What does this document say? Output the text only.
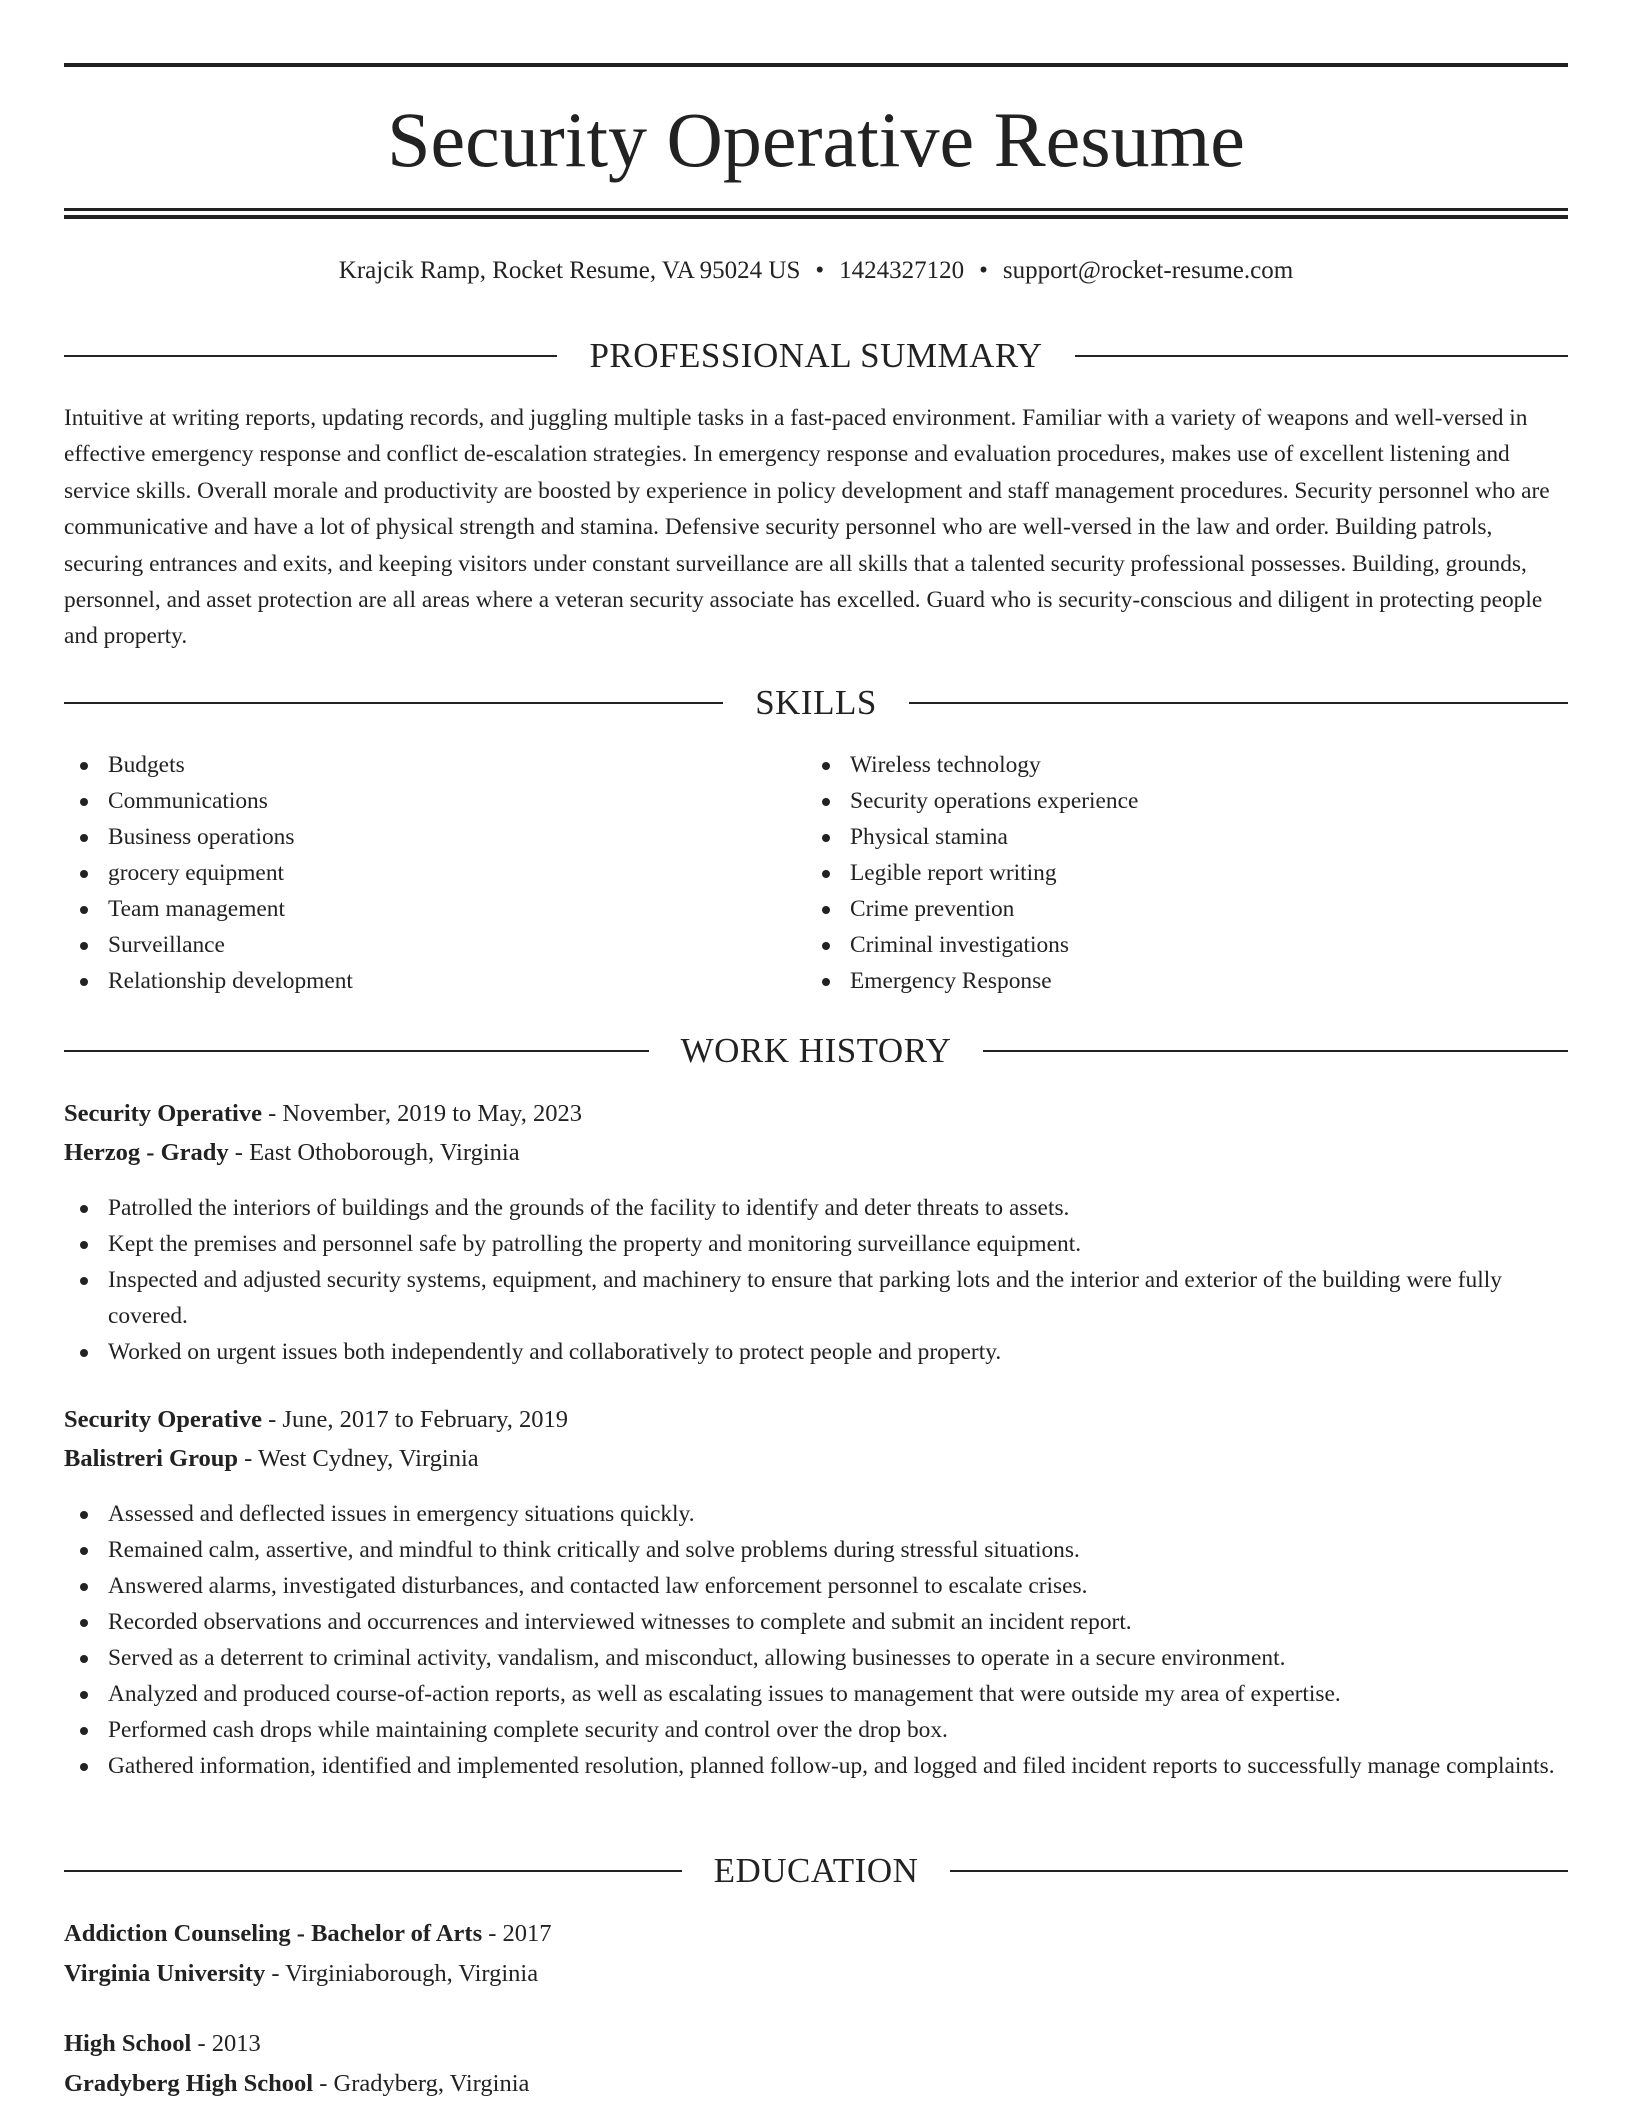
Security Operative Resume
Krajcik Ramp, Rocket Resume, VA 95024 US • 1424327120 • support@rocket-resume.com
PROFESSIONAL SUMMARY

Intuitive at writing reports, updating records, and juggling multiple tasks in a fast-paced environment. Familiar with a variety of weapons and well-versed in effective emergency response and conflict de-escalation strategies. In emergency response and evaluation procedures, makes use of excellent listening and service skills. Overall morale and productivity are boosted by experience in policy development and staff management procedures. Security personnel who are communicative and have a lot of physical strength and stamina. Defensive security personnel who are well-versed in the law and order. Building patrols, securing entrances and exits, and keeping visitors under constant surveillance are all skills that a talented security professional possesses. Building, grounds, personnel, and asset protection are all areas where a veteran security associate has excelled. Guard who is security-conscious and diligent in protecting people and property.

SKILLS
Budgets
Communications
Business operations
grocery equipment
Team management
Surveillance
Relationship development
Wireless technology
Security operations experience
Physical stamina
Legible report writing
Crime prevention
Criminal investigations
Emergency Response
WORK HISTORY
Security Operative - November, 2019 to May, 2023
Herzog - Grady - East Othoborough, Virginia
Patrolled the interiors of buildings and the grounds of the facility to identify and deter threats to assets.
Kept the premises and personnel safe by patrolling the property and monitoring surveillance equipment.
Inspected and adjusted security systems, equipment, and machinery to ensure that parking lots and the interior and exterior of the building were fully covered.
Worked on urgent issues both independently and collaboratively to protect people and property.
Security Operative - June, 2017 to February, 2019
Balistreri Group - West Cydney, Virginia
Assessed and deflected issues in emergency situations quickly.
Remained calm, assertive, and mindful to think critically and solve problems during stressful situations.
Answered alarms, investigated disturbances, and contacted law enforcement personnel to escalate crises.
Recorded observations and occurrences and interviewed witnesses to complete and submit an incident report.
Served as a deterrent to criminal activity, vandalism, and misconduct, allowing businesses to operate in a secure environment.
Analyzed and produced course-of-action reports, as well as escalating issues to management that were outside my area of expertise.
Performed cash drops while maintaining complete security and control over the drop box.
Gathered information, identified and implemented resolution, planned follow-up, and logged and filed incident reports to successfully manage complaints.
EDUCATION
Addiction Counseling - Bachelor of Arts - 2017
Virginia University - Virginiaborough, Virginia
High School - 2013
Gradyberg High School - Gradyberg, Virginia
